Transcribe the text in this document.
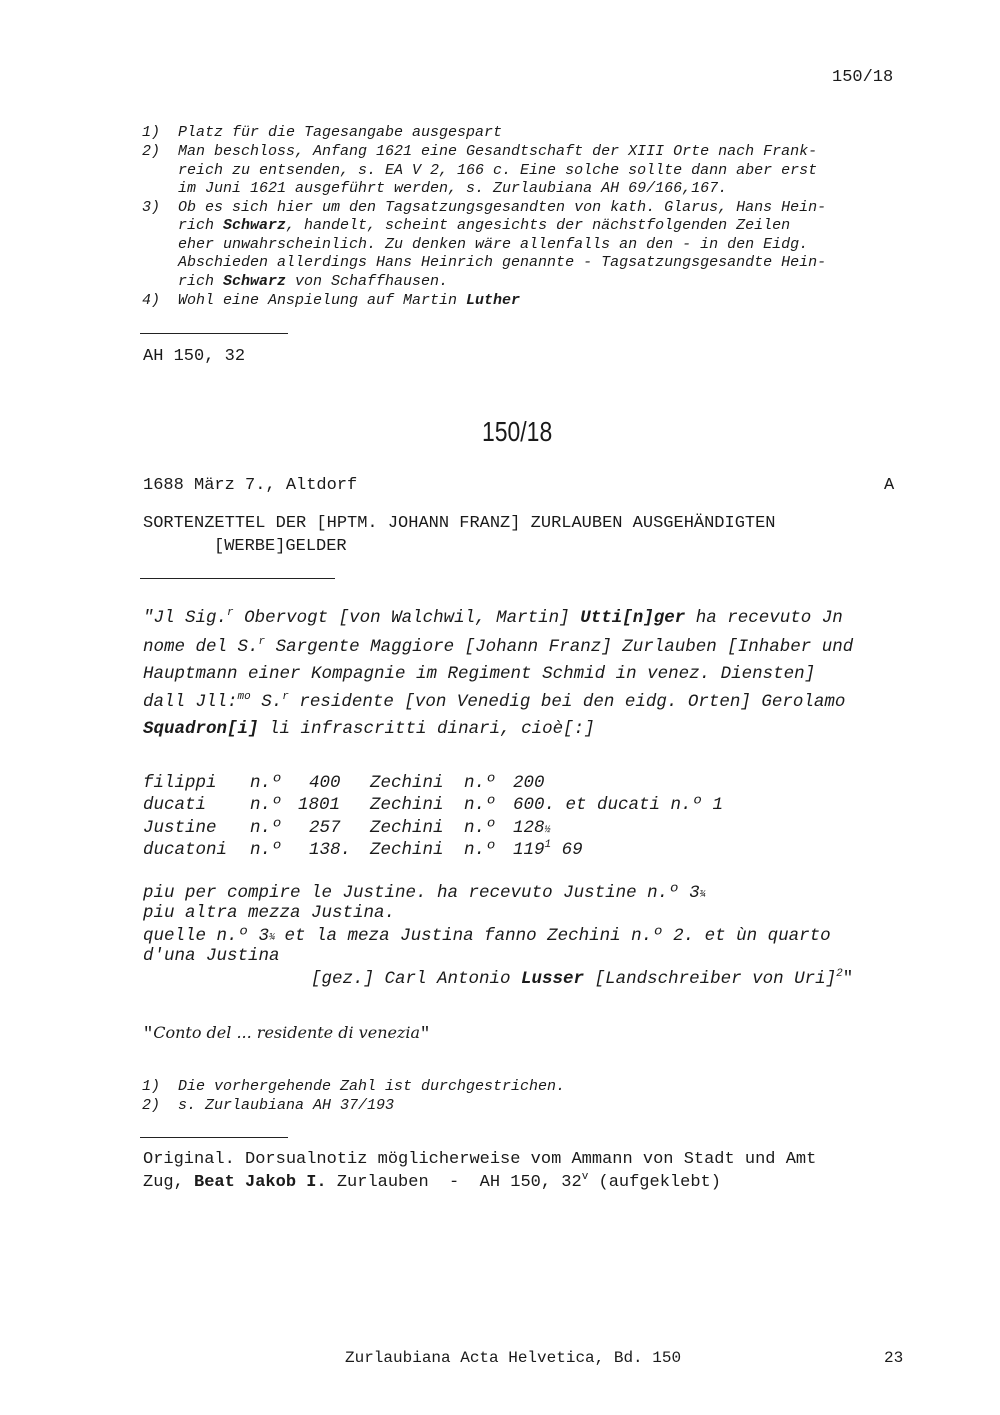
150/18
1) Platz für die Tagesangabe ausgespart
2) Man beschloss, Anfang 1621 eine Gesandtschaft der XIII Orte nach Frank-
reich zu entsenden, s. EA V 2, 166 c. Eine solche sollte dann aber erst
im Juni 1621 ausgeführt werden, s. Zurlaubiana AH 69/166,167.
3) Ob es sich hier um den Tagsatzungsgesandten von kath. Glarus, Hans Hein-
rich Schwarz, handelt, scheint angesichts der nächstfolgenden Zeilen
eher unwahrscheinlich. Zu denken wäre allenfalls an den - in den Eidg.
Abschieden allerdings Hans Heinrich genannte - Tagsatzungsgesandte Hein-
rich Schwarz von Schaffhausen.
4) Wohl eine Anspielung auf Martin Luther
AH 150, 32
150/18
1688 März 7., Altdorf	A
SORTENZETTEL DER [HPTM. JOHANN FRANZ] ZURLAUBEN AUSGEHÄNDIGTEN
[WERBE]GELDER
"Jl Sig.$^r$ Obervogt [von Walchwil, Martin] Utti[n]ger ha recevuto Jn
nome del S.$^r$ Sargente Maggiore [Johann Franz] Zurlauben [Inhaber und
Hauptmann einer Kompagnie im Regiment Schmid in venez. Diensten]
dall Jll:$^{mo}$ S.$^r$ residente [von Venedig bei den eidg. Orten] Gerolamo
Squadron[i] li infrascritti dinari, cioè[:]
filippi n.º 400 Zechini n.º 200
ducati	n.º 1801 Zechini n.º 600. et ducati n.º 1
Justine n.º 257 Zechini n.º 128½
ducatoni n.º 138. Zechini n.º $119^1$ 69
piu per compire le Justine. ha recevuto Justine n.º 3¾
piu altra mezza Justina.
quelle n.º 3¾ et la meza Justina fanno Zechini n.º 2. et ùn quarto
d'una Justina
[gez.] Carl Antonio Lusser [Landschreiber von Uri]$^2$"
"Conto del ... residente di venezia"
1) Die vorhergehende Zahl ist durchgestrichen.
2) s. Zurlaubiana AH 37/193
Original. Dorsualnotiz möglicherweise vom Ammann von Stadt und Amt
Zug, Beat Jakob I. Zurlauben  -  AH 150, 32$^v$ (aufgeklebt)
Zurlaubiana Acta Helvetica, Bd. 150	23
